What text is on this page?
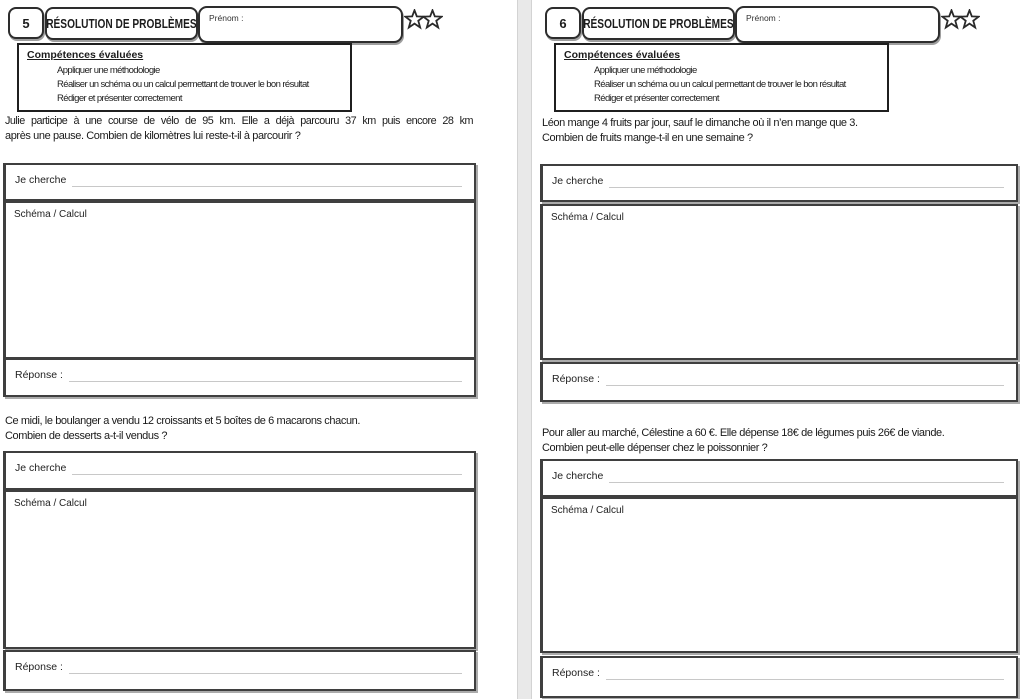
5	RÉSOLUTION DE PROBLÈMES	Prénom :
Compétences évaluées
Appliquer une méthodologie
Réaliser un schéma ou un calcul permettant de trouver le bon résultat
Rédiger et présenter correctement
Julie participe à une course de vélo de 95 km. Elle a déjà parcouru 37 km puis encore 28 km
après une pause. Combien de kilomètres lui reste-t-il à parcourir ?
Je cherche
Schéma / Calcul
Réponse :
Ce midi, le boulanger a vendu 12 croissants et 5 boîtes de 6 macarons chacun.
Combien de desserts a-t-il vendus ?
Je cherche
Schéma / Calcul
Réponse :
6	RÉSOLUTION DE PROBLÈMES	Prénom :
Compétences évaluées
Appliquer une méthodologie
Réaliser un schéma ou un calcul permettant de trouver le bon résultat
Rédiger et présenter correctement
Léon mange 4 fruits par jour, sauf le dimanche où il n’en mange que 3.
Combien de fruits mange-t-il en une semaine ?
Je cherche
Schéma / Calcul
Réponse :
Pour aller au marché, Célestine a 60 €. Elle dépense 18€ de légumes puis 26€ de viande.
Combien peut-elle dépenser chez le poissonnier ?
Je cherche
Schéma / Calcul
Réponse :
